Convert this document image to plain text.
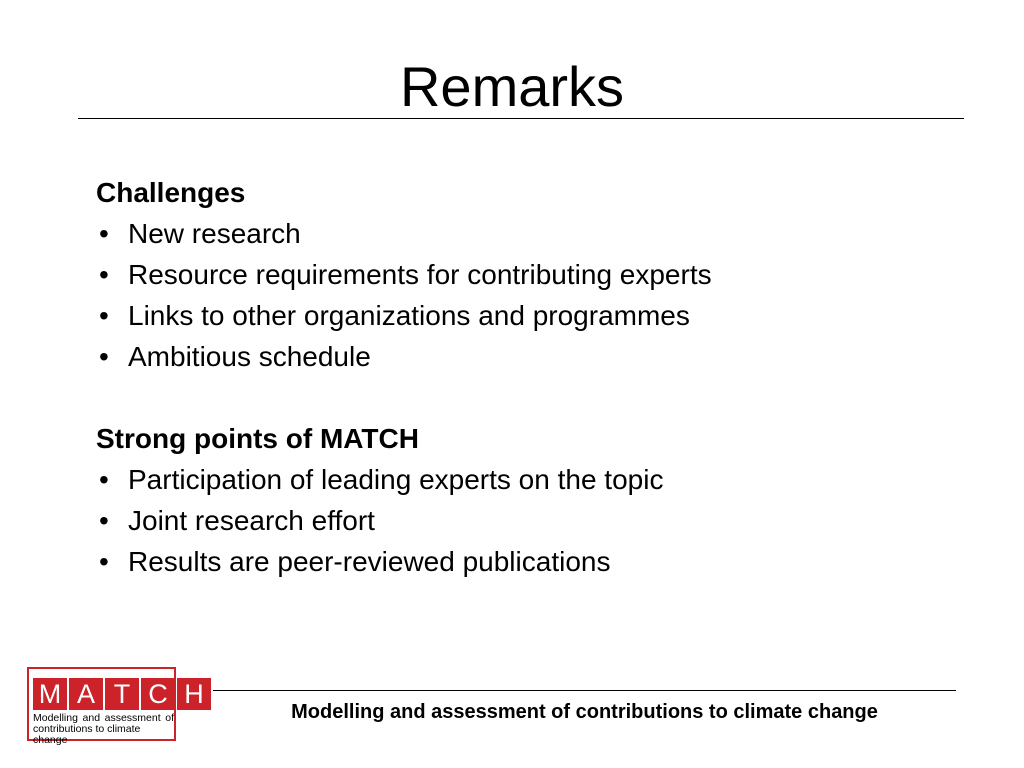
Remarks
Challenges
• New research
• Resource requirements for contributing experts
• Links to other organizations and programmes
• Ambitious schedule
Strong points of MATCH
• Participation of leading experts on the topic
• Joint research effort
• Results are peer-reviewed publications
M A T C H
Modelling and assessment of
contributions to climate change
Modelling and assessment of contributions to climate change
